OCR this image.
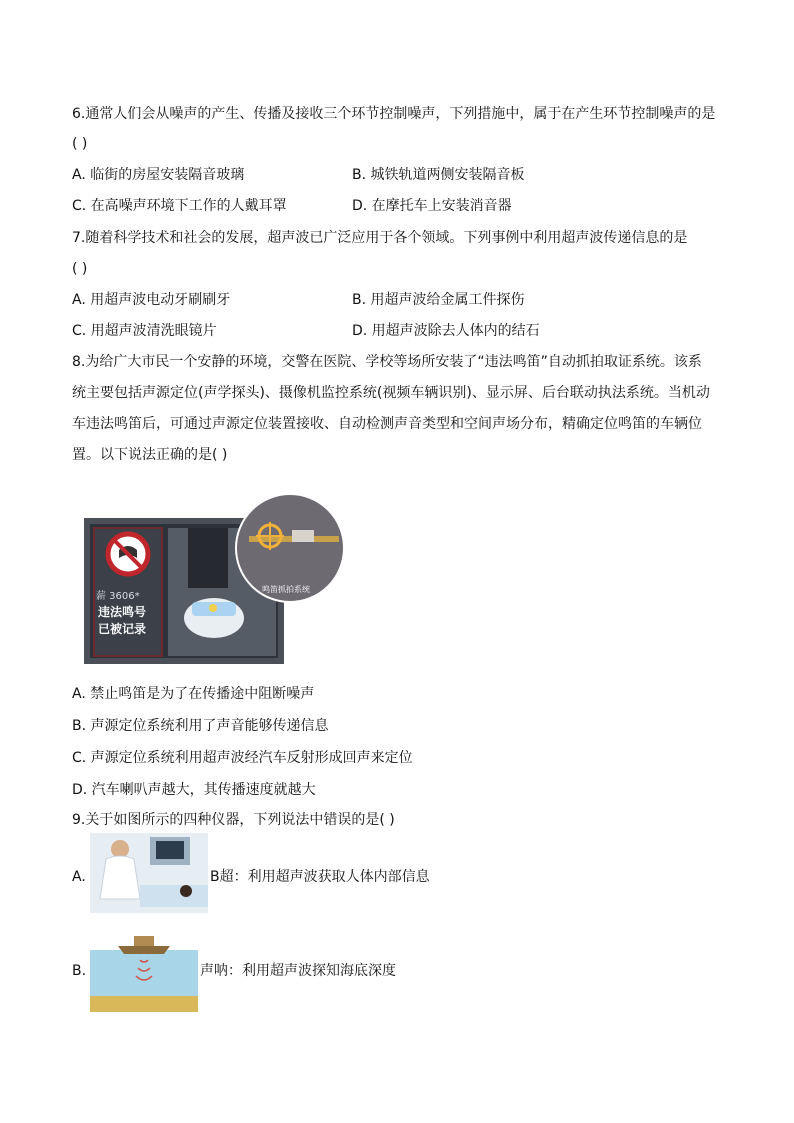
6.通常人们会从噪声的产生、传播及接收三个环节控制噪声，下列措施中，属于在产生环节控制噪声的是
( )
A. 临街的房屋安装隔音玻璃	B. 城铁轨道两侧安装隔音板
C. 在高噪声环境下工作的人戴耳罩	D. 在摩托车上安装消音器
7.随着科学技术和社会的发展，超声波已广泛应用于各个领域。下列事例中利用超声波传递信息的是
( )
A. 用超声波电动牙刷刷牙	B. 用超声波给金属工件探伤
C. 用超声波清洗眼镜片	D. 用超声波除去人体内的结石
8.为给广大市民一个安静的环境，交警在医院、学校等场所安装了“违法鸣笛”自动抓拍取证系统。该系
统主要包括声源定位(声学探头)、摄像机监控系统(视频车辆识别)、显示屏、后台联动执法系统。当机动
车违法鸣笛后，可通过声源定位装置接收、自动检测声音类型和空间声场分布，精确定位鸣笛的车辆位
置。以下说法正确的是( )
薪 3606*
违法鸣号
已被记录
鸣笛抓拍系统
A. 禁止鸣笛是为了在传播途中阻断噪声
B. 声源定位系统利用了声音能够传递信息
C. 声源定位系统利用超声波经汽车反射形成回声来定位
D. 汽车喇叭声越大，其传播速度就越大
9.关于如图所示的四种仪器，下列说法中错误的是( )
A.	B超：利用超声波获取人体内部信息
B.	声呐：利用超声波探知海底深度
